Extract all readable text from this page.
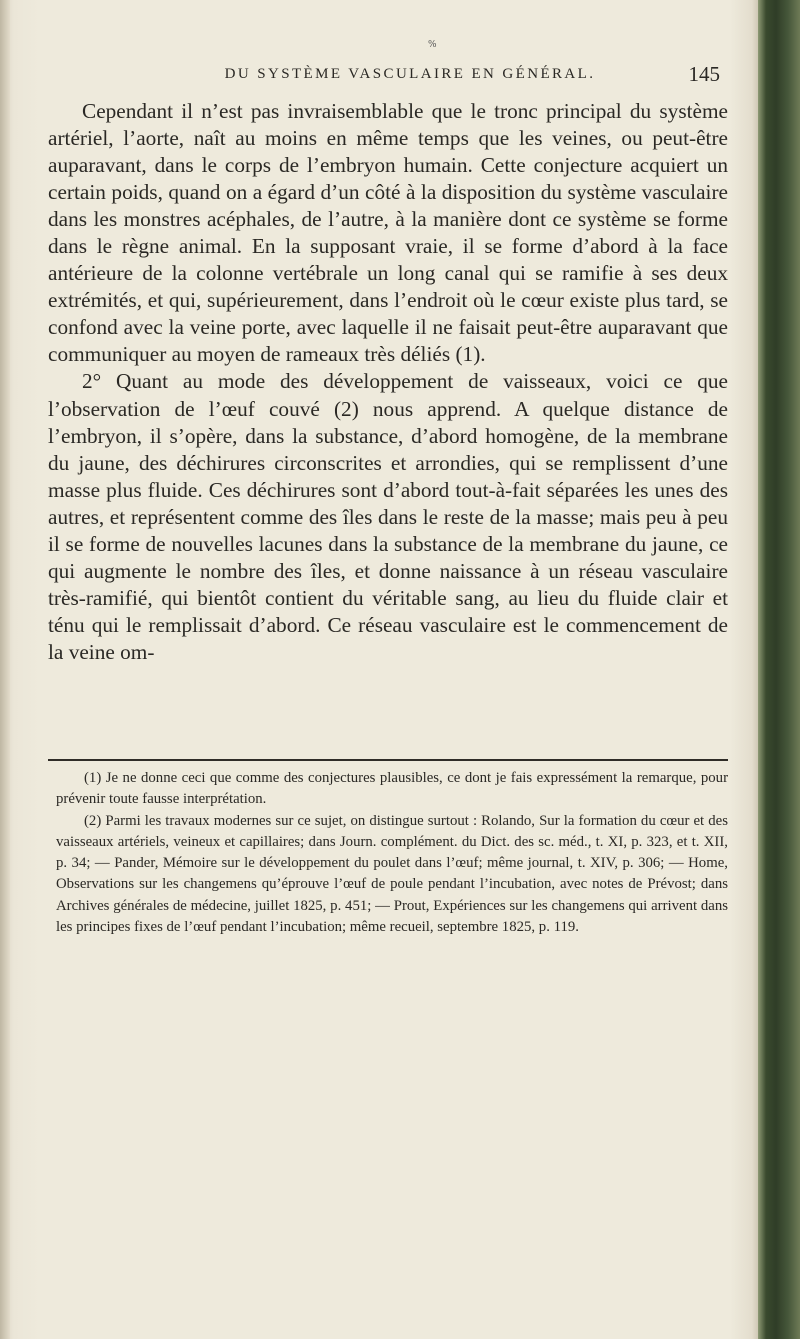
%
DU SYSTÈME VASCULAIRE EN GÉNÉRAL.	145

Cependant il n’est pas invraisemblable que le tronc principal du système artériel, l’aorte, naît au moins en même temps que les veines, ou peut-être auparavant, dans le corps de l’embryon humain. Cette conjecture acquiert un certain poids, quand on a égard d’un côté à la disposition du système vasculaire dans les monstres acéphales, de l’autre, à la manière dont ce système se forme dans le règne animal. En la supposant vraie, il se forme d’abord à la face antérieure de la colonne vertébrale un long canal qui se ramifie à ses deux extrémités, et qui, supérieurement, dans l’endroit où le cœur existe plus tard, se confond avec la veine porte, avec laquelle il ne faisait peut-être auparavant que communiquer au moyen de rameaux très déliés (1).

2° Quant au mode des développement de vaisseaux, voici ce que l’observation de l’œuf couvé (2) nous apprend. A quelque distance de l’embryon, il s’opère, dans la substance, d’abord homogène, de la membrane du jaune, des déchirures circonscrites et arrondies, qui se remplissent d’une masse plus fluide. Ces déchirures sont d’abord tout-à-fait séparées les unes des autres, et représentent comme des îles dans le reste de la masse; mais peu à peu il se forme de nouvelles lacunes dans la substance de la membrane du jaune, ce qui augmente le nombre des îles, et donne naissance à un réseau vasculaire très-ramifié, qui bientôt contient du véritable sang, au lieu du fluide clair et ténu qui le remplissait d’abord. Ce réseau vasculaire est le commencement de la veine om-

(1) Je ne donne ceci que comme des conjectures plausibles, ce dont je fais expressément la remarque, pour prévenir toute fausse interprétation.

(2) Parmi les travaux modernes sur ce sujet, on distingue surtout : Rolando, Sur la formation du cœur et des vaisseaux artériels, veineux et capillaires; dans Journ. complément. du Dict. des sc. méd., t. XI, p. 323, et t. XII, p. 34; — Pander, Mémoire sur le développement du poulet dans l’œuf; même journal, t. XIV, p. 306; — Home, Observations sur les changemens qu’éprouve l’œuf de poule pendant l’incubation, avec notes de Prévost; dans Archives générales de médecine, juillet 1825, p. 451; — Prout, Expériences sur les changemens qui arrivent dans les principes fixes de l’œuf pendant l’incubation; même recueil, septembre 1825, p. 119.
